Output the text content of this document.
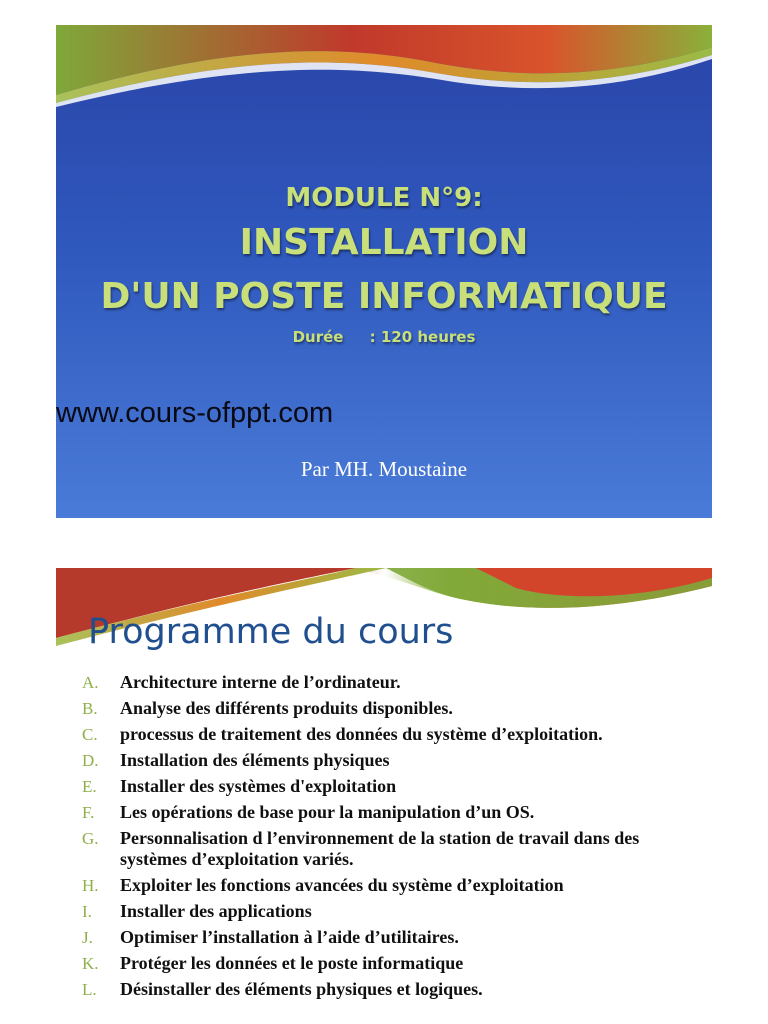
MODULE N°9:
INSTALLATION
D'UN POSTE INFORMATIQUE
Durée     : 120 heures
www.cours-ofppt.com
Par MH. Moustaine
Programme du cours
A.	Architecture interne de l’ordinateur.
B.	Analyse des différents produits disponibles.
C.	processus de traitement des données du système d’exploitation.
D.	Installation des éléments physiques
E.	Installer des systèmes d'exploitation
F.	Les opérations de base pour la manipulation d’un OS.
G.	Personnalisation d l’environnement de la station de travail dans des systèmes d’exploitation variés.
H.	Exploiter les fonctions avancées du système d’exploitation
I.	Installer des applications
J.	Optimiser l’installation à l’aide d’utilitaires.
K.	Protéger les données et le poste informatique
L.	Désinstaller des éléments physiques et logiques.
